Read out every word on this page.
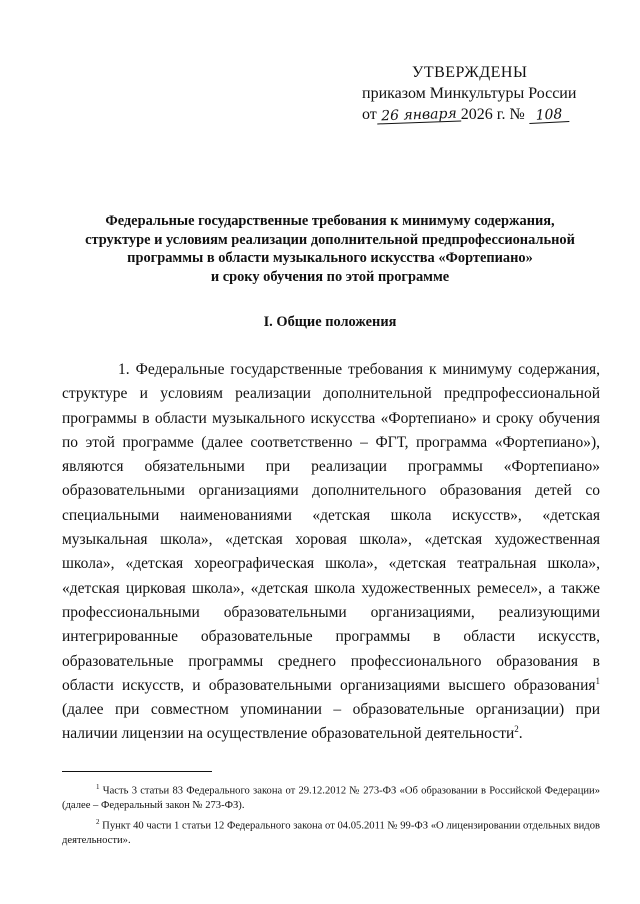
УТВЕРЖДЕНЫ
приказом Минкультуры России
от 26 января 2026 г. № 108
Федеральные государственные требования к минимуму содержания,
структуре и условиям реализации дополнительной предпрофессиональной
программы в области музыкального искусства «Фортепиано»
и сроку обучения по этой программе
I. Общие положения
1. Федеральные государственные требования к минимуму содержания, структуре и условиям реализации дополнительной предпрофессиональной программы в области музыкального искусства «Фортепиано» и сроку обучения по этой программе (далее соответственно – ФГТ, программа «Фортепиано»), являются обязательными при реализации программы «Фортепиано» образовательными организациями дополнительного образования детей со специальными наименованиями «детская школа искусств», «детская музыкальная школа», «детская хоровая школа», «детская художественная школа», «детская хореографическая школа», «детская театральная школа», «детская цирковая школа», «детская школа художественных ремесел», а также профессиональными образовательными организациями, реализующими интегрированные образовательные программы в области искусств, образовательные программы среднего профессионального образования в области искусств, и образовательными организациями высшего образования$^1$ (далее при совместном упоминании – образовательные организации) при наличии лицензии на осуществление образовательной деятельности$^2$.

$^1$ Часть 3 статьи 83 Федерального закона от 29.12.2012 № 273-ФЗ «Об образовании в Российской Федерации» (далее – Федеральный закон № 273-ФЗ).

$^2$ Пункт 40 части 1 статьи 12 Федерального закона от 04.05.2011 № 99-ФЗ «О лицензировании отдельных видов деятельности».
